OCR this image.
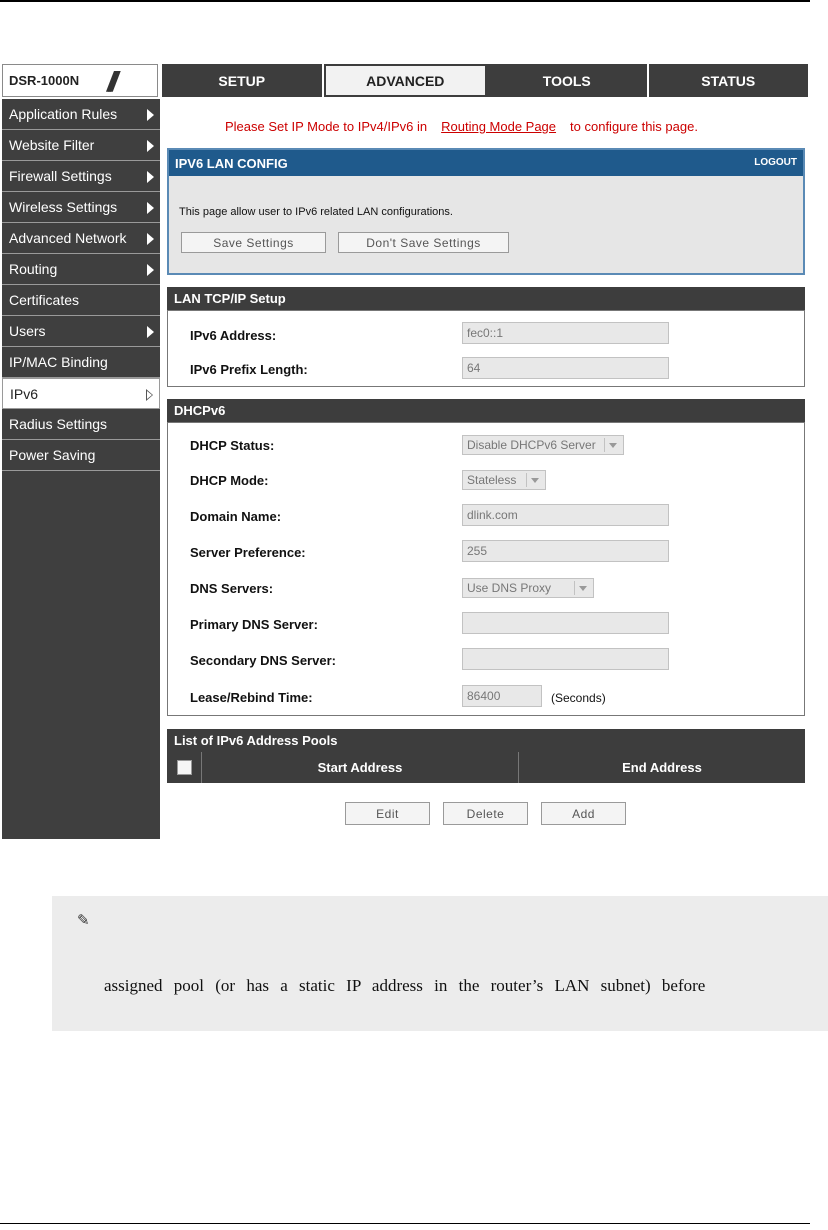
DSR-1000N ///	SETUP	ADVANCED	TOOLS	STATUS
Application Rules
Website Filter
Firewall Settings
Wireless Settings
Advanced Network
Routing
Certificates
Users
IP/MAC Binding
IPv6
Radius Settings
Power Saving
Please Set IP Mode to IPv4/IPv6 in Routing Mode Page to configure this page.
IPV6 LAN CONFIG	LOGOUT
This page allow user to IPv6 related LAN configurations.
Save Settings	Don't Save Settings
LAN TCP/IP Setup
IPv6 Address:	fec0::1
IPv6 Prefix Length:	64
DHCPv6
DHCP Status:	Disable DHCPv6 Server
DHCP Mode:	Stateless
Domain Name:	dlink.com
Server Preference:	255
DNS Servers:	Use DNS Proxy
Primary DNS Server:
Secondary DNS Server:
Lease/Rebind Time:	86400	(Seconds)
List of IPv6 Address Pools
Start Address	End Address
Edit	Delete	Add
✎
assigned pool (or has a static IP address in the router’s LAN subnet) before
